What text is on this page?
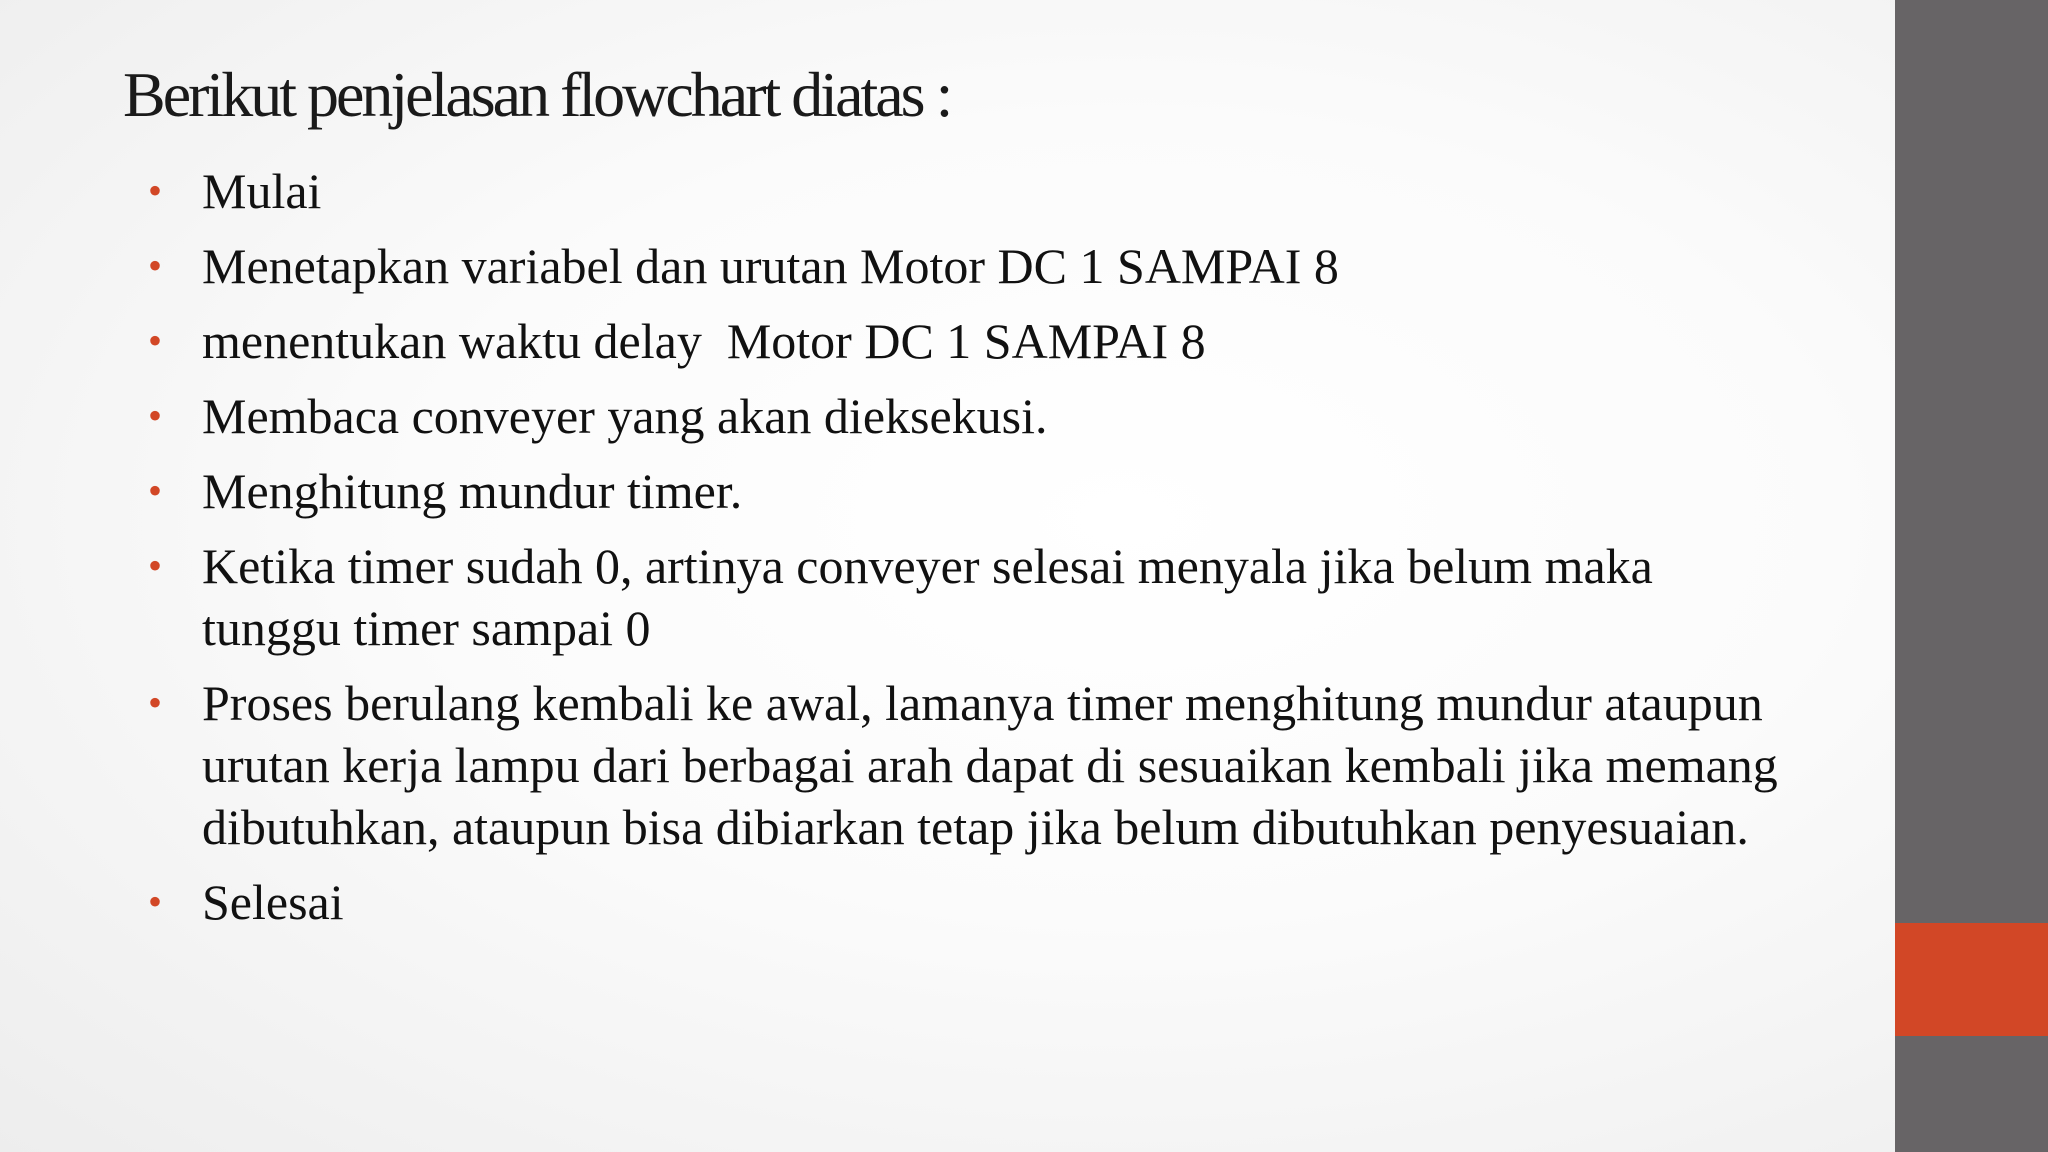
Berikut penjelasan flowchart diatas :
• Mulai
• Menetapkan variabel dan urutan Motor DC 1 SAMPAI 8
• menentukan waktu delay  Motor DC 1 SAMPAI 8
• Membaca conveyer yang akan dieksekusi.
• Menghitung mundur timer.
• Ketika timer sudah 0, artinya conveyer selesai menyala jika belum maka tunggu timer sampai 0
• Proses berulang kembali ke awal, lamanya timer menghitung mundur ataupun urutan kerja lampu dari berbagai arah dapat di sesuaikan kembali jika memang dibutuhkan, ataupun bisa dibiarkan tetap jika belum dibutuhkan penyesuaian.
• Selesai
